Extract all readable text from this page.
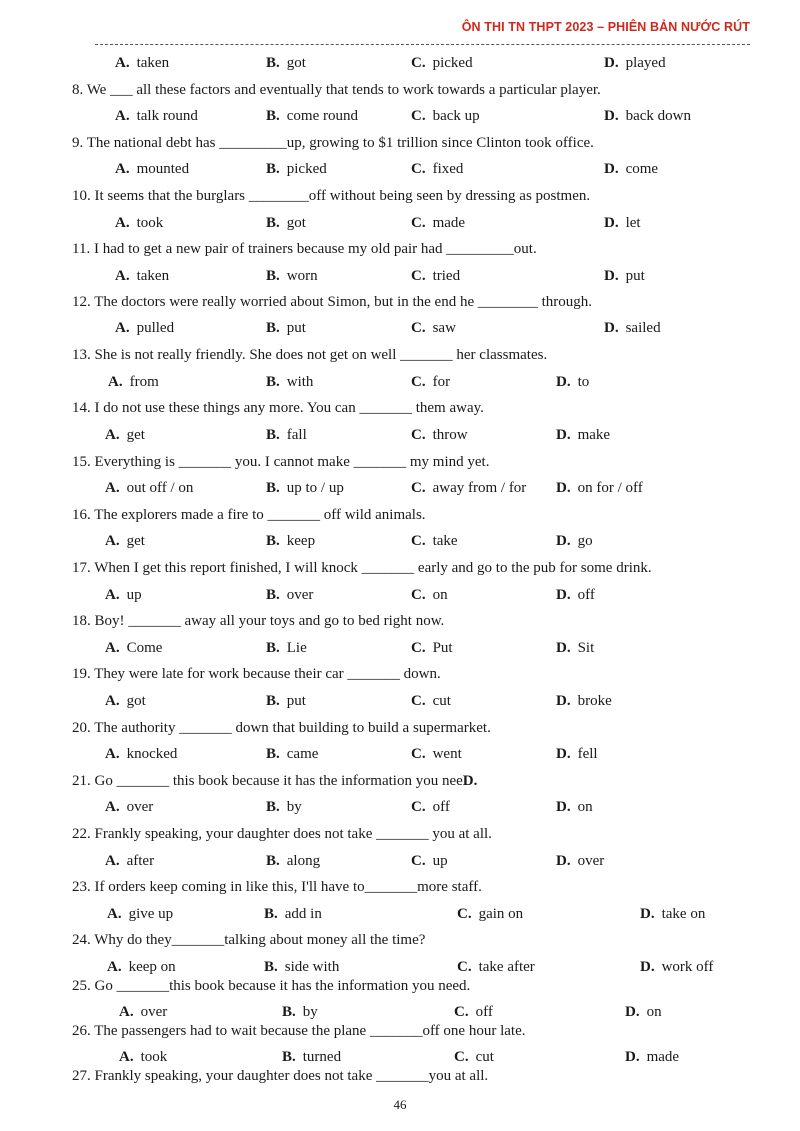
ÔN THI TN THPT 2023 – PHIÊN BẢN NƯỚC RÚT
A. taken	B. got	C. picked	D. played
8. We ___ all these factors and eventually that tends to work towards a particular player.
A. talk round	B. come round	C. back up	D. back down
9. The national debt has _________up, growing to $1 trillion since Clinton took office.
A. mounted	B. picked	C. fixed	D. come
10. It seems that the burglars ________off without being seen by dressing as postmen.
A. took	B. got	C. made	D. let
11. I had to get a new pair of trainers because my old pair had _________out.
A. taken	B. worn	C. tried	D. put
12. The doctors were really worried about Simon, but in the end he ________ through.
A. pulled	B. put	C. saw	D. sailed
13. She is not really friendly. She does not get on well _______ her classmates.
A. from	B. with	C. for	D. to
14. I do not use these things any more. You can _______ them away.
A. get	B. fall	C. throw	D. make
15. Everything is _______ you. I cannot make _______ my mind yet.
A. out off / on	B. up to / up	C. away from / for D. on for / off
16. The explorers made a fire to _______ off wild animals.
A. get	B. keep	C. take	D. go
17. When I get this report finished, I will knock _______ early and go to the pub for some drink.
A. up	B. over	C. on	D. off
18. Boy! _______ away all your toys and go to bed right now.
A. Come	B. Lie	C. Put	D. Sit
19. They were late for work because their car _______ down.
A. got	B. put	C. cut	D. broke
20. The authority _______ down that building to build a supermarket.
A. knocked	B. came	C. went	D. fell
21. Go _______ this book because it has the information you neeD.
A. over	B. by	C. off	D. on
22. Frankly speaking, your daughter does not take _______ you at all.
A. after	B. along	C. up	D. over
23. If orders keep coming in like this, I'll have to_______more staff.
A. give up	B. add in	C. gain on	D. take on
24. Why do they_______talking about money all the time?
A. keep on	B. side with	C. take after	D. work off
25. Go _______this book because it has the information you need.
A. over	B. by	C. off	D. on
26. The passengers had to wait because the plane _______off one hour late.
A. took	B. turned	C. cut	D. made
27. Frankly speaking, your daughter does not take _______you at all.
46
